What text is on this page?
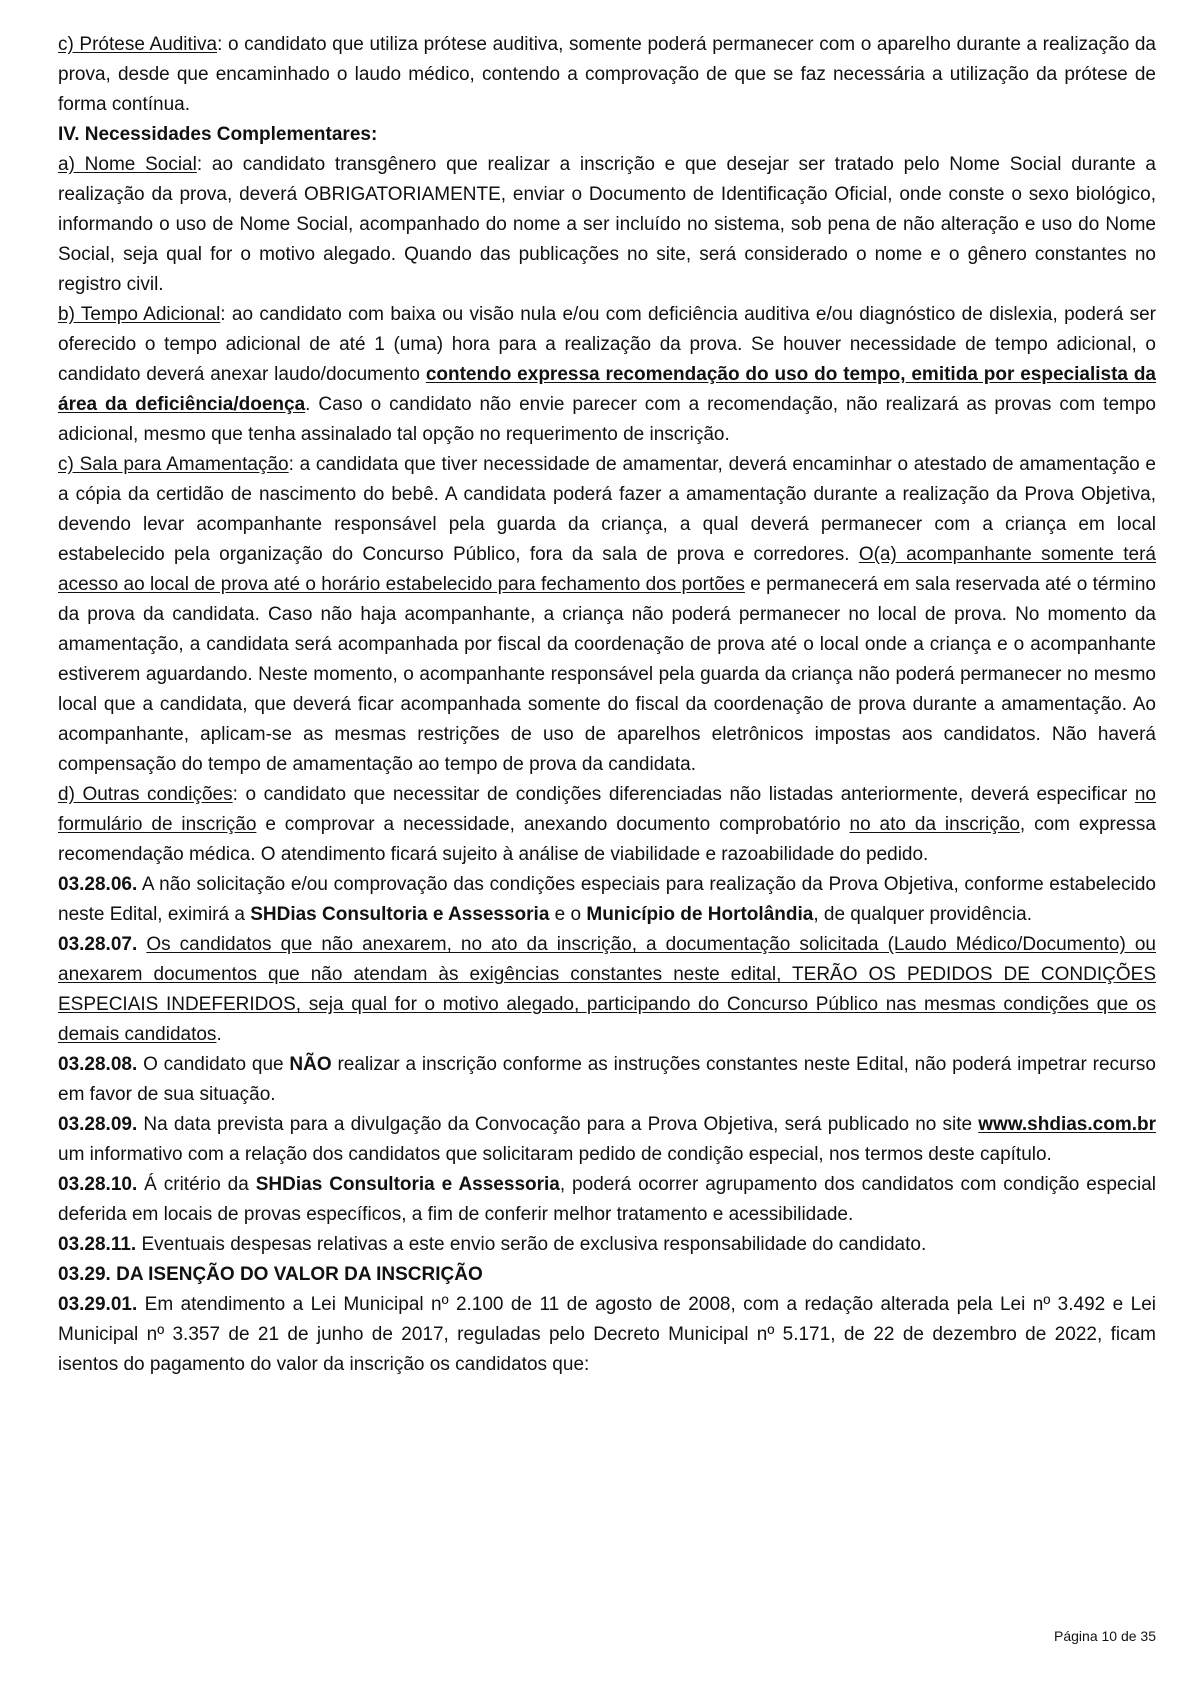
c) Prótese Auditiva: o candidato que utiliza prótese auditiva, somente poderá permanecer com o aparelho durante a realização da prova, desde que encaminhado o laudo médico, contendo a comprovação de que se faz necessária a utilização da prótese de forma contínua.

IV. Necessidades Complementares:

a) Nome Social: ao candidato transgênero que realizar a inscrição e que desejar ser tratado pelo Nome Social durante a realização da prova, deverá OBRIGATORIAMENTE, enviar o Documento de Identificação Oficial, onde conste o sexo biológico, informando o uso de Nome Social, acompanhado do nome a ser incluído no sistema, sob pena de não alteração e uso do Nome Social, seja qual for o motivo alegado. Quando das publicações no site, será considerado o nome e o gênero constantes no registro civil.

b) Tempo Adicional: ao candidato com baixa ou visão nula e/ou com deficiência auditiva e/ou diagnóstico de dislexia, poderá ser oferecido o tempo adicional de até 1 (uma) hora para a realização da prova. Se houver necessidade de tempo adicional, o candidato deverá anexar laudo/documento contendo expressa recomendação do uso do tempo, emitida por especialista da área da deficiência/doença. Caso o candidato não envie parecer com a recomendação, não realizará as provas com tempo adicional, mesmo que tenha assinalado tal opção no requerimento de inscrição.

c) Sala para Amamentação: a candidata que tiver necessidade de amamentar, deverá encaminhar o atestado de amamentação e a cópia da certidão de nascimento do bebê. A candidata poderá fazer a amamentação durante a realização da Prova Objetiva, devendo levar acompanhante responsável pela guarda da criança, a qual deverá permanecer com a criança em local estabelecido pela organização do Concurso Público, fora da sala de prova e corredores. O(a) acompanhante somente terá acesso ao local de prova até o horário estabelecido para fechamento dos portões e permanecerá em sala reservada até o término da prova da candidata. Caso não haja acompanhante, a criança não poderá permanecer no local de prova. No momento da amamentação, a candidata será acompanhada por fiscal da coordenação de prova até o local onde a criança e o acompanhante estiverem aguardando. Neste momento, o acompanhante responsável pela guarda da criança não poderá permanecer no mesmo local que a candidata, que deverá ficar acompanhada somente do fiscal da coordenação de prova durante a amamentação. Ao acompanhante, aplicam-se as mesmas restrições de uso de aparelhos eletrônicos impostas aos candidatos. Não haverá compensação do tempo de amamentação ao tempo de prova da candidata.

d) Outras condições: o candidato que necessitar de condições diferenciadas não listadas anteriormente, deverá especificar no formulário de inscrição e comprovar a necessidade, anexando documento comprobatório no ato da inscrição, com expressa recomendação médica. O atendimento ficará sujeito à análise de viabilidade e razoabilidade do pedido.

03.28.06. A não solicitação e/ou comprovação das condições especiais para realização da Prova Objetiva, conforme estabelecido neste Edital, eximirá a SHDias Consultoria e Assessoria e o Município de Hortolândia, de qualquer providência.

03.28.07. Os candidatos que não anexarem, no ato da inscrição, a documentação solicitada (Laudo Médico/Documento) ou anexarem documentos que não atendam às exigências constantes neste edital, TERÃO OS PEDIDOS DE CONDIÇÕES ESPECIAIS INDEFERIDOS, seja qual for o motivo alegado, participando do Concurso Público nas mesmas condições que os demais candidatos.

03.28.08. O candidato que NÃO realizar a inscrição conforme as instruções constantes neste Edital, não poderá impetrar recurso em favor de sua situação.

03.28.09. Na data prevista para a divulgação da Convocação para a Prova Objetiva, será publicado no site www.shdias.com.br um informativo com a relação dos candidatos que solicitaram pedido de condição especial, nos termos deste capítulo.

03.28.10. Á critério da SHDias Consultoria e Assessoria, poderá ocorrer agrupamento dos candidatos com condição especial deferida em locais de provas específicos, a fim de conferir melhor tratamento e acessibilidade.

03.28.11. Eventuais despesas relativas a este envio serão de exclusiva responsabilidade do candidato.

03.29. DA ISENÇÃO DO VALOR DA INSCRIÇÃO

03.29.01. Em atendimento a Lei Municipal nº 2.100 de 11 de agosto de 2008, com a redação alterada pela Lei nº 3.492 e Lei Municipal nº 3.357 de 21 de junho de 2017, reguladas pelo Decreto Municipal nº 5.171, de 22 de dezembro de 2022, ficam isentos do pagamento do valor da inscrição os candidatos que:

Página 10 de 35
